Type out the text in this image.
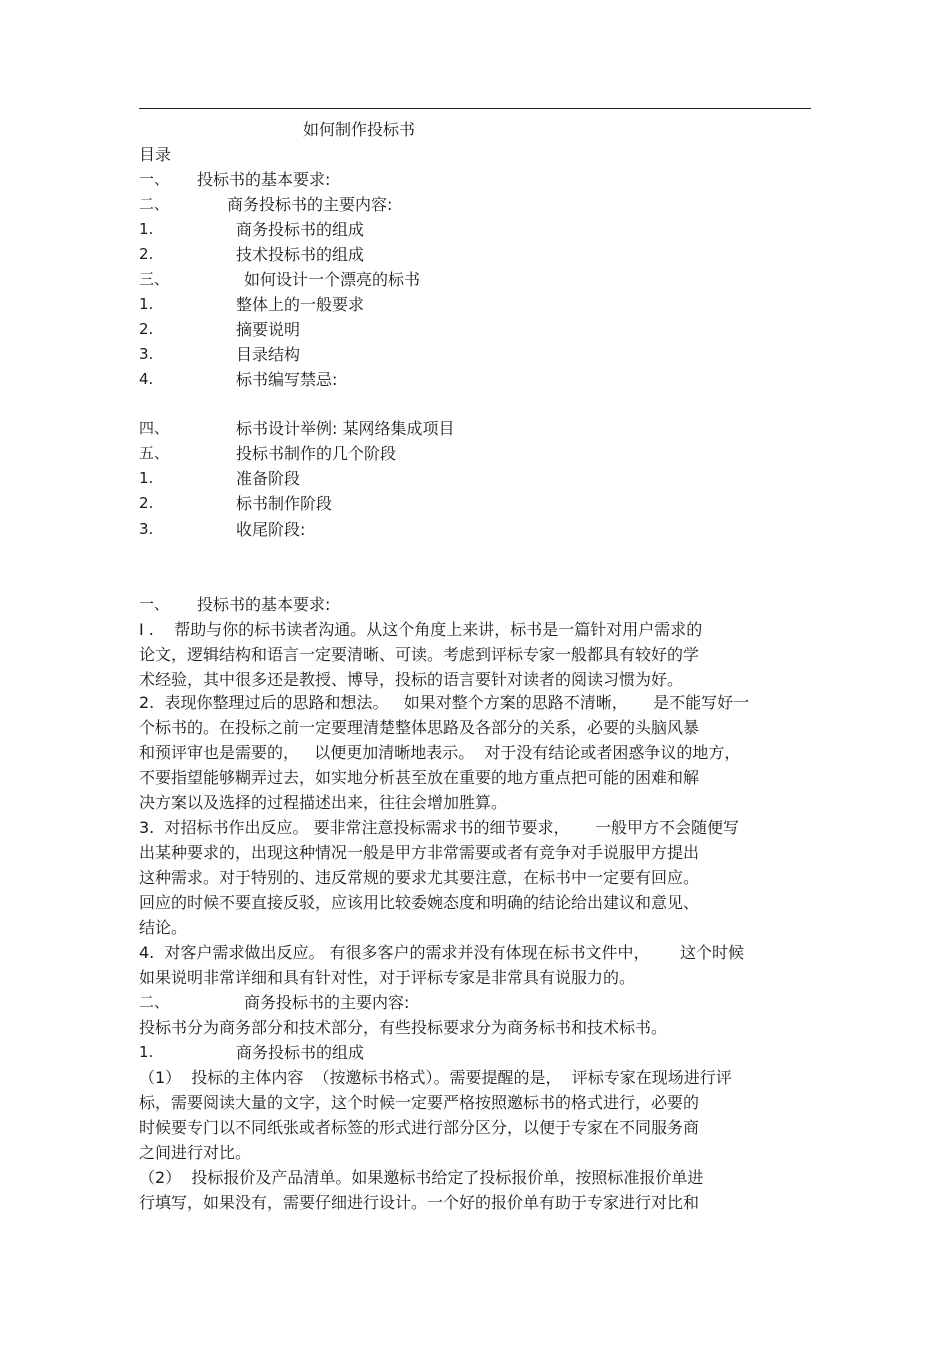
如何制作投标书
目录
一、 投标书的基本要求:
二、	商务投标书的主要内容:
1.	商务投标书的组成
2.	技术投标书的组成
三、	如何设计一个漂亮的标书
1.	整体上的一般要求
2.	摘要说明
3.	目录结构
4.	标书编写禁忌:
四、	标书设计举例: 某网络集成项目
五、	投标书制作的几个阶段
1.	准备阶段
2.	标书制作阶段
3.	收尾阶段:
一、 投标书的基本要求:
I .    帮助与你的标书读者沟通。从这个角度上来讲，标书是一篇针对用户需求的
论文，逻辑结构和语言一定要清晰、可读。考虑到评标专家一般都具有较好的学
术经验，其中很多还是教授、博导，投标的语言要针对读者的阅读习惯为好。
2.  表现你整理过后的思路和想法。   如果对整个方案的思路不清晰，     是不能写好一
个标书的。在投标之前一定要理清楚整体思路及各部分的关系，必要的头脑风暴
和预评审也是需要的，   以便更加清晰地表示。  对于没有结论或者困惑争议的地方，
不要指望能够糊弄过去，如实地分析甚至放在重要的地方重点把可能的困难和解
决方案以及选择的过程描述出来，往往会增加胜算。
3.  对招标书作出反应。 要非常注意投标需求书的细节要求，     一般甲方不会随便写
出某种要求的，出现这种情况一般是甲方非常需要或者有竞争对手说服甲方提出
这种需求。对于特别的、违反常规的要求尤其要注意，在标书中一定要有回应。
回应的时候不要直接反驳，应该用比较委婉态度和明确的结论给出建议和意见、
结论。
4.  对客户需求做出反应。 有很多客户的需求并没有体现在标书文件中，      这个时候
如果说明非常详细和具有针对性，对于评标专家是非常具有说服力的。
二、	商务投标书的主要内容:
投标书分为商务部分和技术部分，有些投标要求分为商务标书和技术标书。
1.	商务投标书的组成
（1）  投标的主体内容  （按邀标书格式）。需要提醒的是，  评标专家在现场进行评
标，需要阅读大量的文字，这个时候一定要严格按照邀标书的格式进行，必要的
时候要专门以不同纸张或者标签的形式进行部分区分，以便于专家在不同服务商
之间进行对比。
（2）  投标报价及产品清单。如果邀标书给定了投标报价单，按照标准报价单进
行填写，如果没有，需要仔细进行设计。一个好的报价单有助于专家进行对比和
